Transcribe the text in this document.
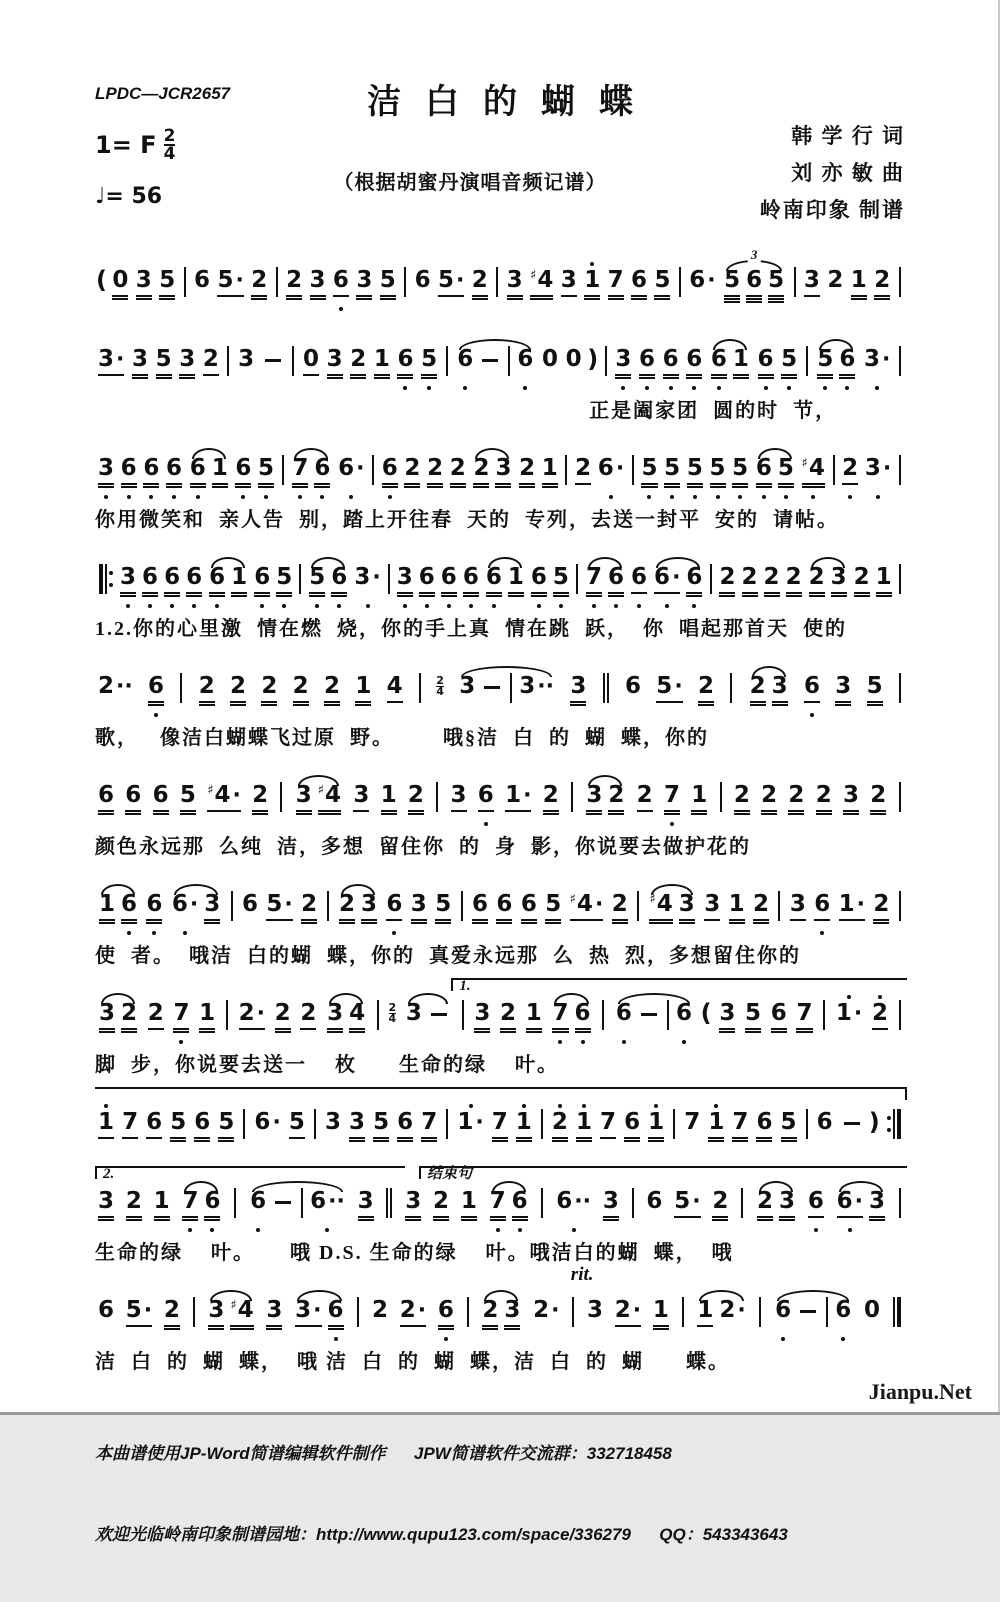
LPDC—JCR2657	洁白的蝴蝶
1= F $\frac{2}{4}$
♩= 56
（根据胡蜜丹演唱音频记谱）
韩 学 行 词
刘 亦 敏 曲
岭南印象 制谱
( 0 3 5 6 5· 2 2 3 6 3 5 6 5· 2 3 ♯4 3 1 7 6 5 6· 5 6 5
3 3 2 1 2
3· 3 5 3 2 3 0 3 2 1 6 5 6 6 0 0 ) 3 6 6 6 6 1 6 5 5 6 3·
正是阖家团  圆的时  节，
3 6 6 6 6 1 6 5 7 6 6· 6 2 2 2 2 3 2 1 2 6· 5 5 5 5 5 6 5 ♯4 2 3·
你用微笑和  亲人告  别，踏上开往春  天的  专列，去送一封平  安的  请帖。
3 6 6 6 6 1 6 5 5 6 3· 3 6 6 6 6 1 6 5 7 6 6 6· 6 2 2 2 2 2 3 2 1
1.2.你的心里激  情在燃  烧，你的手上真  情在跳  跃，  你  唱起那首天  使的
2·· 6 2 2 2 2 2 1 4	$\frac{2}{4} 3$ 3·· 3 6 5· 2 2 3 6 3 5
歌，   像洁白蝴蝶飞过原  野。       哦§洁  白  的  蝴  蝶，你的
6 6 6 5 ♯4· 2 3 ♯4 3 1 2 3 6 1· 2 3 2 2 7 1 2 2 2 2 3 2
颜色永远那  么纯  洁，多想  留住你  的  身  影，你说要去做护花的
1 6 6 6· 3 6 5· 2 2 3 6 3 5 6 6 6 5 ♯4· 2 ♯4 3 3 1 2 3 6 1· 2
使  者。  哦洁  白的蝴  蝶，你的  真爱永远那  么  热  烈，多想留住你的
1.
3 2 2 7 1 2· 2 2 3 $4 \frac{2}{4} 3$ 3 2 1 7 6 6 6 ( 3 5 6 7 1· 2
脚  步，你说要去送一    枚      生命的绿    叶。
1 7 6 5 6 5 6· 5 3 3 5 6 7 1· 7 1 2 1 7 6 1 7 1 7 6 5 6 )
2.	结束句
3 2 1 7 6 6 6·· 3 3 2 1 7 6 6·· 3 6 5· 2 2 3 6 6· 3
生命的绿    叶。     哦 D.S. 生命的绿    叶。哦洁白的蝴  蝶，  哦
rit.
6 5· 2 3 ♯4 3 3· 6 2 2· 6 2 3 2· 3 2· 1 1 2· 6 6 0
洁  白  的  蝴  蝶，  哦 洁  白  的  蝴  蝶，洁  白  的  蝴      蝶。

本曲谱使用JP-Word简谱编辑软件制作      JPW简谱软件交流群：332718458

欢迎光临岭南印象制谱园地：http://www.qupu123.com/space/336279      QQ：543343643

Jianpu.Net
